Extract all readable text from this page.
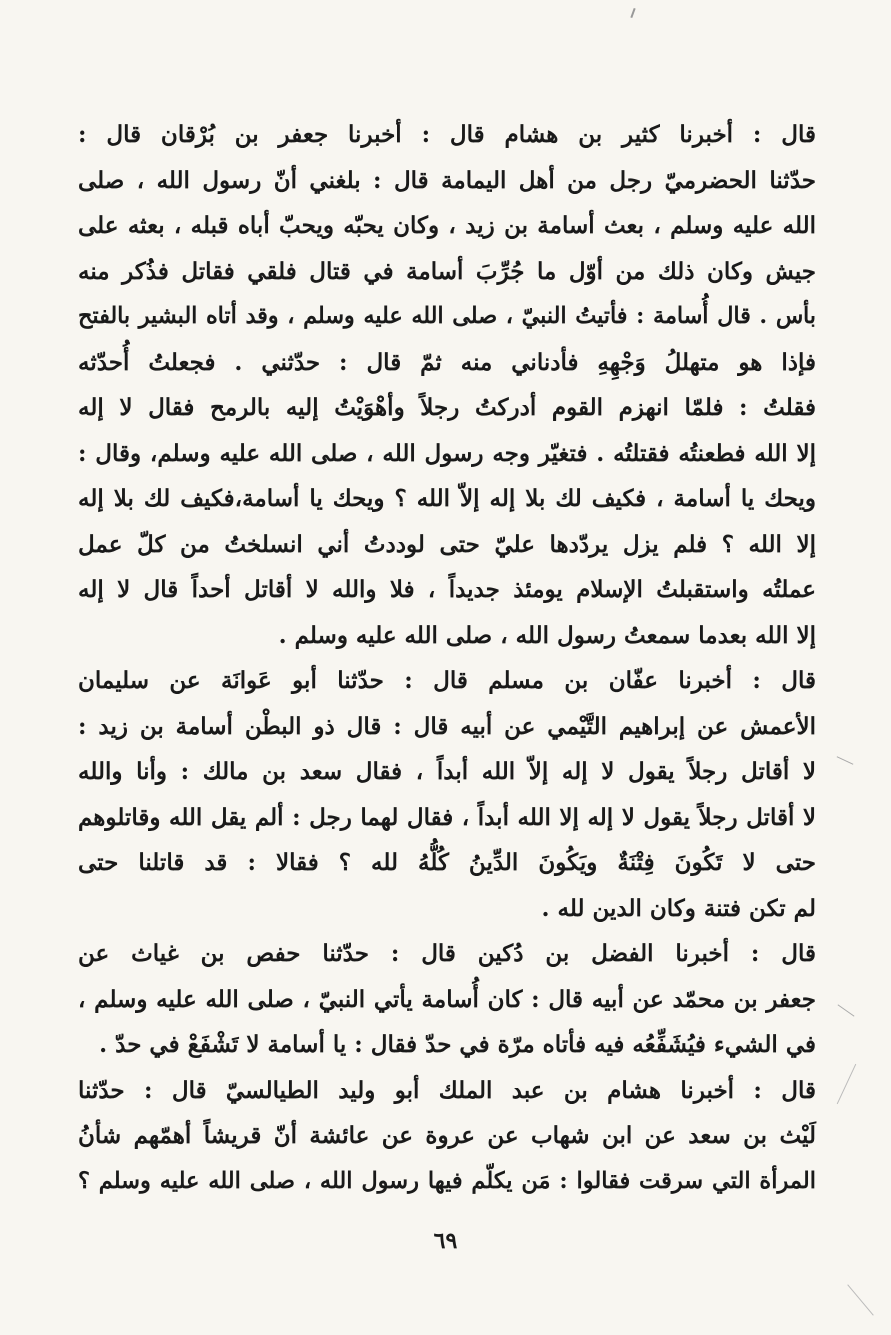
قال : أخبرنا كثير بن هشام قال : أخبرنا جعفر بن بُرْقان قال :
حدّثنا الحضرميّ رجل من أهل اليمامة قال : بلغني أنّ رسول الله ، صلى
الله عليه وسلم ، بعث أسامة بن زيد ، وكان يحبّه ويحبّ أباه قبله ، بعثه على
جيش وكان ذلك من أوّل ما جُرِّبَ أسامة في قتال فلقي فقاتل فذُكر منه
بأس . قال أُسامة : فأتيتُ النبيّ ، صلى الله عليه وسلم ، وقد أتاه البشير بالفتح
فإذا هو متهللُ وَجْهِهِ فأدناني منه ثمّ قال : حدّثني . فجعلتُ أُحدّثه
فقلتُ : فلمّا انهزم القوم أدركتُ رجلاً وأهْوَيْتُ إليه بالرمح فقال لا إله
إلا الله فطعنتُه فقتلتُه . فتغيّر وجه رسول الله ، صلى الله عليه وسلم، وقال :
ويحك يا أسامة ، فكيف لك بلا إله إلاّ الله ؟ ويحك يا أسامة،فكيف لك بلا إله
إلا الله ؟ فلم يزل يردّدها عليّ حتى لوددتُ أني انسلختُ من كلّ عمل
عملتُه واستقبلتُ الإسلام يومئذ جديداً ، فلا والله لا أقاتل أحداً قال لا إله
إلا الله بعدما سمعتُ رسول الله ، صلى الله عليه وسلم .
قال : أخبرنا عفّان بن مسلم قال : حدّثنا أبو عَوانَة عن سليمان
الأعمش عن إبراهيم التَّيْمي عن أبيه قال : قال ذو البطْن أسامة بن زيد :
لا أقاتل رجلاً يقول لا إله إلاّ الله أبداً ، فقال سعد بن مالك : وأنا والله
لا أقاتل رجلاً يقول لا إله إلا الله أبداً ، فقال لهما رجل : ألم يقل الله وقاتلوهم
حتى لا تَكُونَ فِتْنَةٌ ويَكُونَ الدِّينُ كُلُّهُ لله ؟ فقالا : قد قاتلنا حتى
لم تكن فتنة وكان الدين لله .
قال : أخبرنا الفضل بن دُكين قال : حدّثنا حفص بن غياث عن
جعفر بن محمّد عن أبيه قال : كان أُسامة يأتي النبيّ ، صلى الله عليه وسلم ،
في الشيء فيُشَفِّعُه فيه فأتاه مرّة في حدّ فقال : يا أسامة لا تَشْفَعْ في حدّ .
قال : أخبرنا هشام بن عبد الملك أبو وليد الطيالسيّ قال : حدّثنا
لَيْث بن سعد عن ابن شهاب عن عروة عن عائشة أنّ قريشاً أهمّهم شأنُ
المرأة التي سرقت فقالوا : مَن يكلّم فيها رسول الله ، صلى الله عليه وسلم ؟
٦٩
